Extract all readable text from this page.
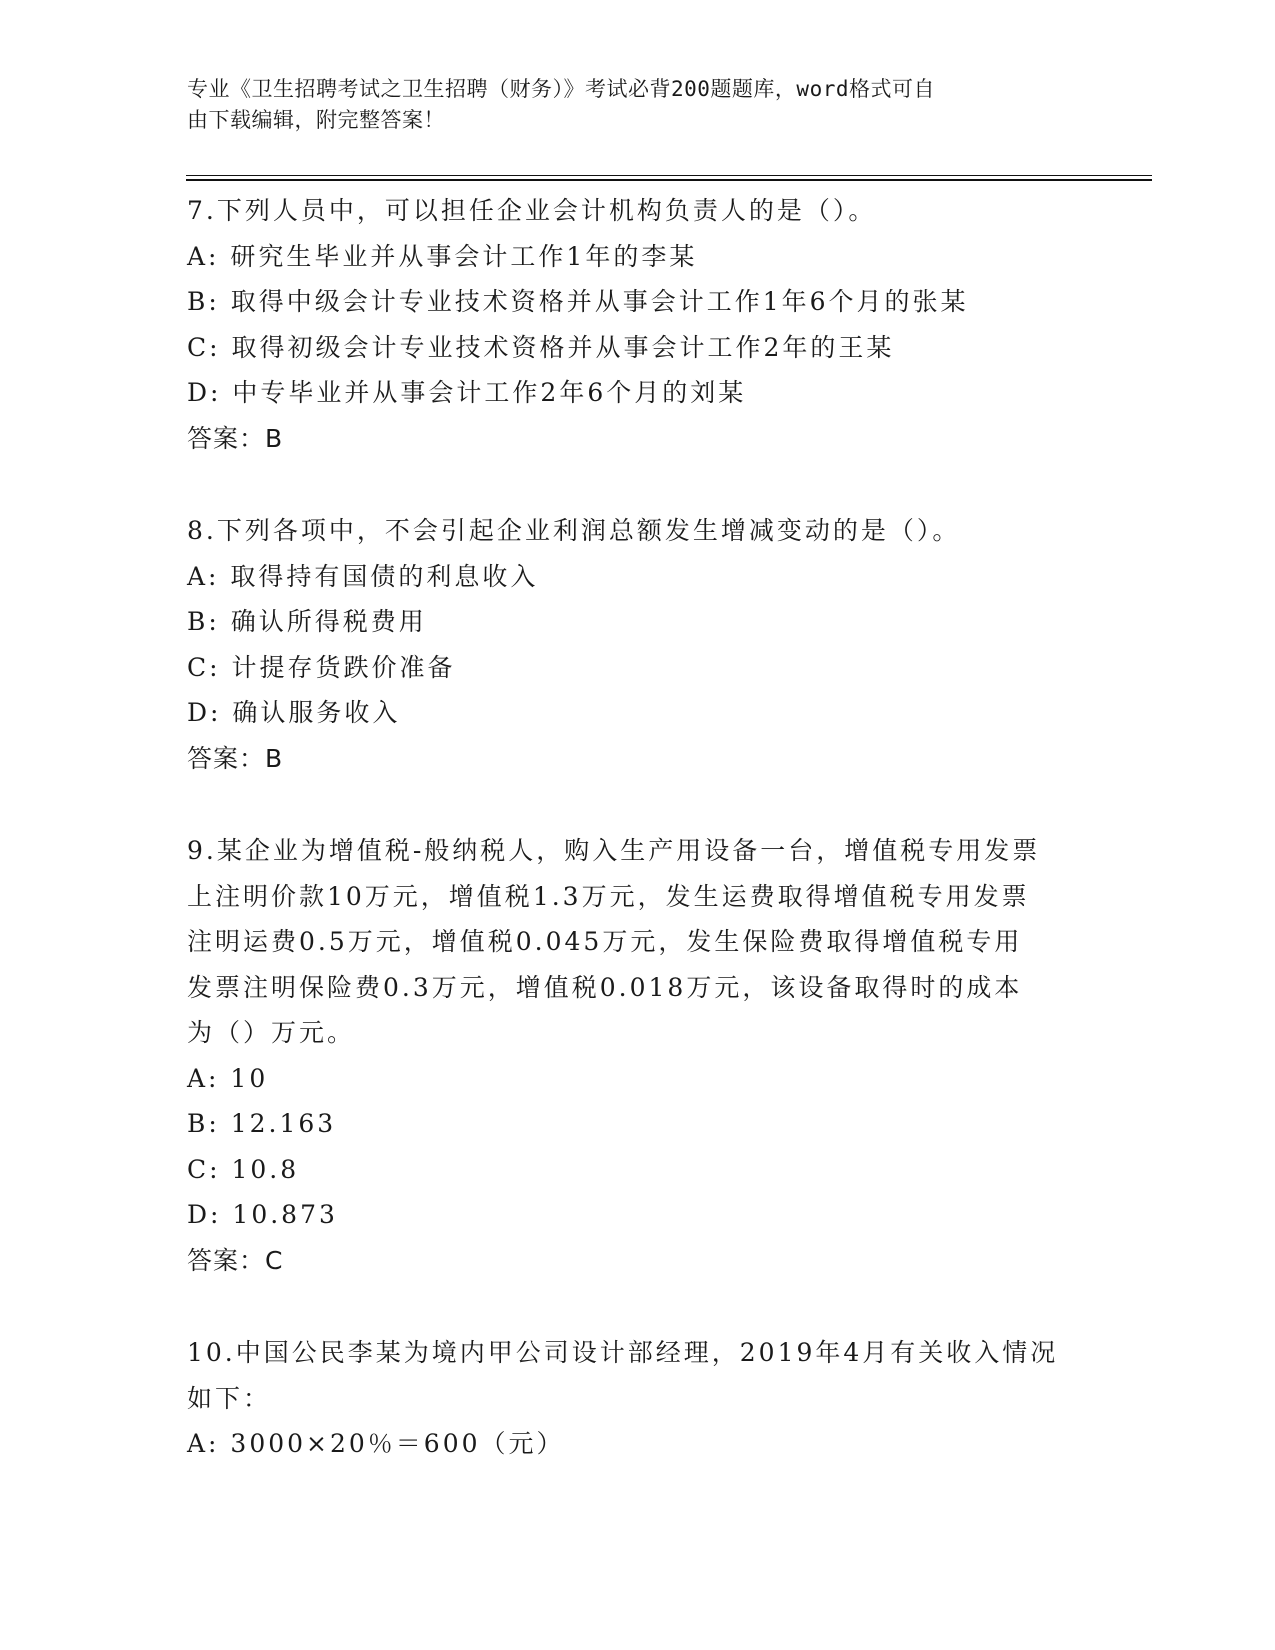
专业《卫生招聘考试之卫生招聘（财务）》考试必背200题题库，word格式可自
由下载编辑，附完整答案！
7.下列人员中，可以担任企业会计机构负责人的是（）。
A: 研究生毕业并从事会计工作1年的李某
B: 取得中级会计专业技术资格并从事会计工作1年6个月的张某
C: 取得初级会计专业技术资格并从事会计工作2年的王某
D: 中专毕业并从事会计工作2年6个月的刘某
答案：B
8.下列各项中，不会引起企业利润总额发生增减变动的是（）。
A: 取得持有国债的利息收入
B: 确认所得税费用
C: 计提存货跌价准备
D: 确认服务收入
答案：B
9.某企业为增值税-般纳税人，购入生产用设备一台，增值税专用发票
上注明价款10万元，增值税1.3万元，发生运费取得增值税专用发票
注明运费0.5万元，增值税0.045万元，发生保险费取得增值税专用
发票注明保险费0.3万元，增值税0.018万元，该设备取得时的成本
为（）万元。
A: 10
B: 12.163
C: 10.8
D: 10.873
答案：C
10.中国公民李某为境内甲公司设计部经理，2019年4月有关收入情况
如下：
A: 3000×20％＝600（元）
